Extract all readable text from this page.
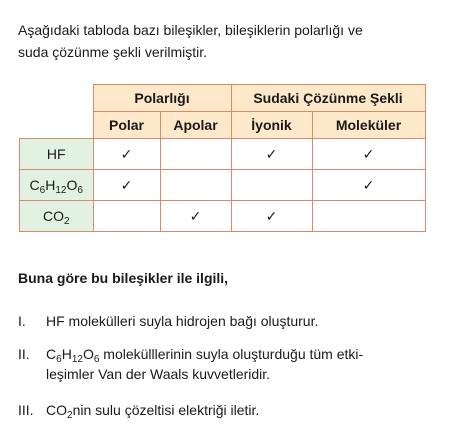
Aşağıdaki tabloda bazı bileşikler, bileşiklerin polarlığı ve
suda çözünme şekli verilmiştir.
	Polarlığı		Sudaki Çözünme Şekli	
	Polar	Apolar	İyonik	Moleküler
HF	✓		✓	✓
$C_6H_{12}O_6$	✓			✓
$CO_2$		✓	✓	
Buna göre bu bileşikler ile ilgili,
I. HF molekülleri suyla hidrojen bağı oluşturur.
II. $C_6H_{12}O_6$ molekülllerinin suyla oluşturduğu tüm etki-
leşimler Van der Waals kuvvetleridir.
III. $CO_2nin$ sulu çözeltisi elektriği iletir.
